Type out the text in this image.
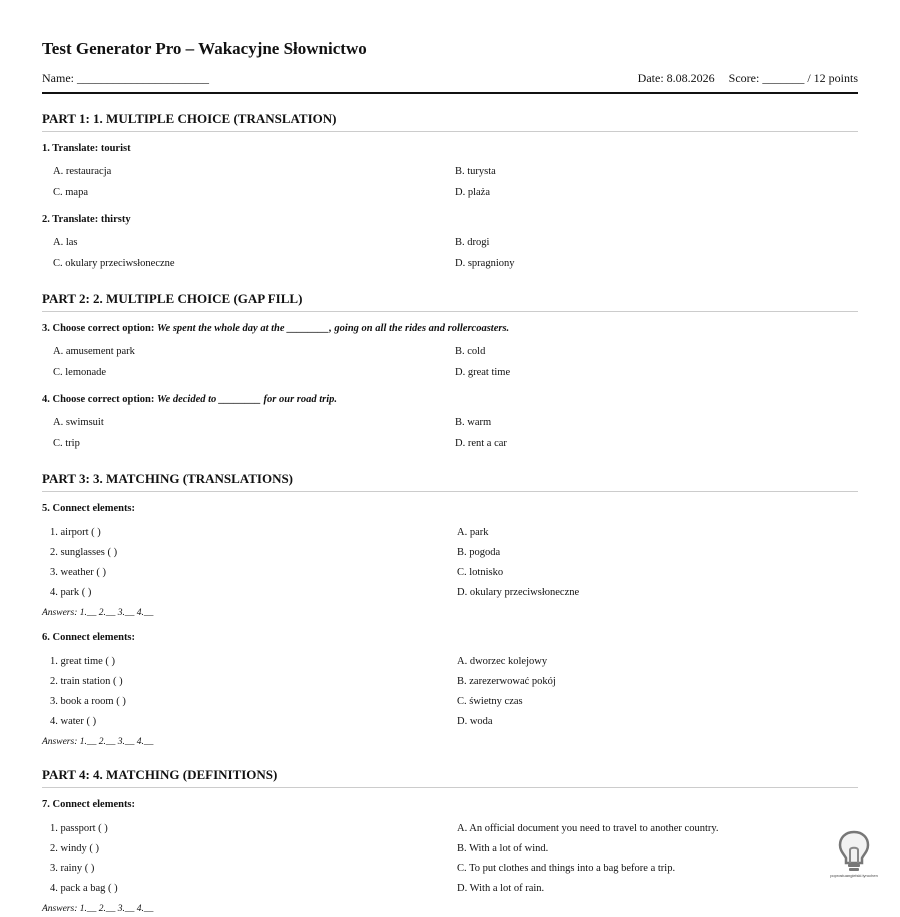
Test Generator Pro – Wakacyjne Słownictwo
Name: ______________________	Date: 8.08.2026 Score: _______ / 12 points
PART 1: 1. MULTIPLE CHOICE (TRANSLATION)
1. Translate: tourist
A. restauracja	B. turysta
C. mapa	D. plaża
2. Translate: thirsty
A. las	B. drogi
C. okulary przeciwsłoneczne	D. spragniony
PART 2: 2. MULTIPLE CHOICE (GAP FILL)
3. Choose correct option: We spent the whole day at the ________, going on all the rides and rollercoasters.
A. amusement park	B. cold
C. lemonade	D. great time
4. Choose correct option: We decided to ________ for our road trip.
A. swimsuit	B. warm
C. trip	D. rent a car
PART 3: 3. MATCHING (TRANSLATIONS)
5. Connect elements:
1. airport ( )	A. park
2. sunglasses ( )	B. pogoda
3. weather ( )	C. lotnisko
4. park ( )	D. okulary przeciwsłoneczne
Answers: 1.__ 2.__ 3.__ 4.__
6. Connect elements:
1. great time ( )	A. dworzec kolejowy
2. train station ( )	B. zarezerwować pokój
3. book a room ( )	C. świetny czas
4. water ( )	D. woda
Answers: 1.__ 2.__ 3.__ 4.__
PART 4: 4. MATCHING (DEFINITIONS)
7. Connect elements:
1. passport ( )	A. An official document you need to travel to another country.
2. windy ( )	B. With a lot of wind.
3. rainy ( )	C. To put clothes and things into a bag before a trip.
4. pack a bag ( )	D. With a lot of rain.
Answers: 1.__ 2.__ 3.__ 4.__
poprostuangielski.tyrochen
